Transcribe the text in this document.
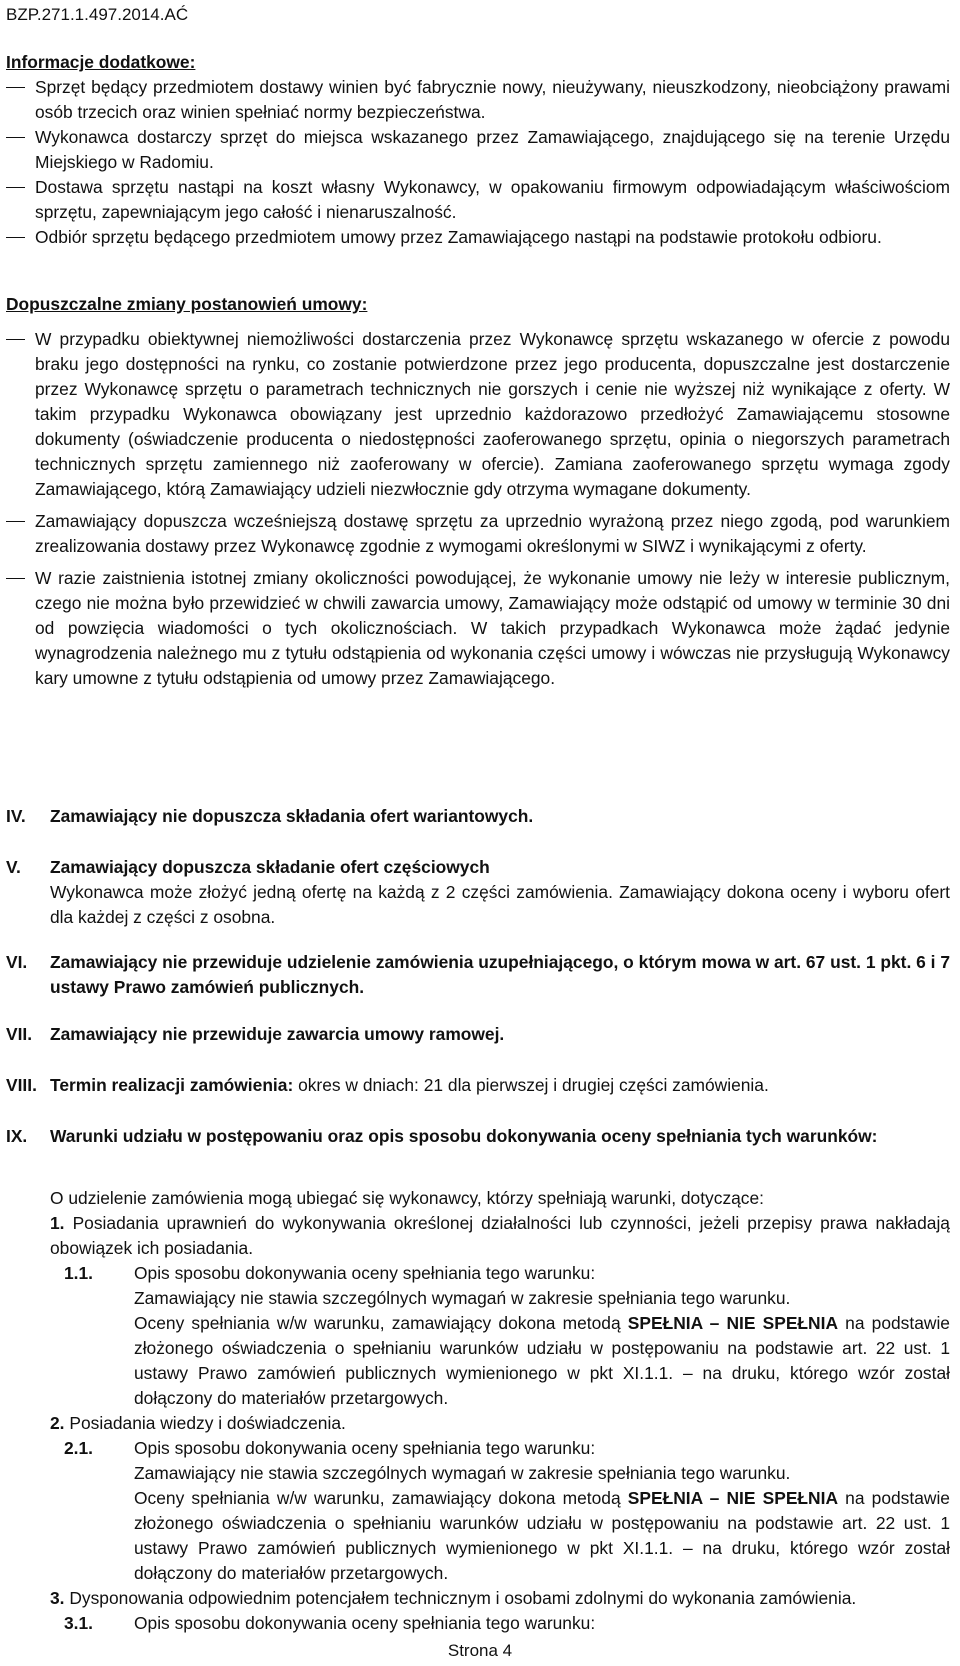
BZP.271.1.497.2014.AĆ
Informacje dodatkowe:
Sprzęt będący przedmiotem dostawy winien być fabrycznie nowy, nieużywany, nieuszkodzony, nieobciążony prawami osób trzecich oraz winien spełniać normy bezpieczeństwa.
Wykonawca dostarczy sprzęt do miejsca wskazanego przez Zamawiającego, znajdującego się na terenie Urzędu Miejskiego w Radomiu.
Dostawa sprzętu nastąpi na koszt własny Wykonawcy, w opakowaniu firmowym odpowiadającym właściwościom sprzętu, zapewniającym jego całość i nienaruszalność.
Odbiór sprzętu będącego przedmiotem umowy przez Zamawiającego nastąpi na podstawie protokołu odbioru.
Dopuszczalne zmiany postanowień umowy:
W przypadku obiektywnej niemożliwości dostarczenia przez Wykonawcę sprzętu wskazanego w ofercie z powodu braku jego dostępności na rynku, co zostanie potwierdzone przez jego producenta, dopuszczalne jest dostarczenie przez Wykonawcę sprzętu o parametrach technicznych nie gorszych i cenie nie wyższej niż wynikające z oferty. W takim przypadku Wykonawca obowiązany jest uprzednio każdorazowo przedłożyć Zamawiającemu stosowne dokumenty (oświadczenie producenta o niedostępności zaoferowanego sprzętu, opinia o niegorszych parametrach technicznych sprzętu zamiennego niż zaoferowany w ofercie). Zamiana zaoferowanego sprzętu wymaga zgody Zamawiającego, którą Zamawiający udzieli niezwłocznie gdy otrzyma wymagane dokumenty.
Zamawiający dopuszcza wcześniejszą dostawę sprzętu za uprzednio wyrażoną przez niego zgodą, pod warunkiem zrealizowania dostawy przez Wykonawcę zgodnie z wymogami określonymi w SIWZ i wynikającymi z oferty.
W razie zaistnienia istotnej zmiany okoliczności powodującej, że wykonanie umowy nie leży w interesie publicznym, czego nie można było przewidzieć w chwili zawarcia umowy, Zamawiający może odstąpić od umowy w terminie 30 dni od powzięcia wiadomości o tych okolicznościach. W takich przypadkach Wykonawca może żądać jedynie wynagrodzenia należnego mu z tytułu odstąpienia od wykonania części umowy i wówczas nie przysługują Wykonawcy kary umowne z tytułu odstąpienia od umowy przez Zamawiającego.
IV. Zamawiający nie dopuszcza składania ofert wariantowych.
V. Zamawiający dopuszcza składanie ofert częściowych
Wykonawca może złożyć jedną ofertę na każdą z 2 części zamówienia. Zamawiający dokona oceny i wyboru ofert dla każdej z części z osobna.
VI. Zamawiający nie przewiduje udzielenie zamówienia uzupełniającego, o którym mowa w art. 67 ust. 1 pkt. 6 i 7 ustawy Prawo zamówień publicznych.
VII. Zamawiający nie przewiduje zawarcia umowy ramowej.
VIII. Termin realizacji zamówienia: okres w dniach: 21 dla pierwszej i drugiej części zamówienia.
IX. Warunki udziału w postępowaniu oraz opis sposobu dokonywania oceny spełniania tych warunków:
O udzielenie zamówienia mogą ubiegać się wykonawcy, którzy spełniają warunki, dotyczące:
1. Posiadania uprawnień do wykonywania określonej działalności lub czynności, jeżeli przepisy prawa nakładają obowiązek ich posiadania.
1.1. Opis sposobu dokonywania oceny spełniania tego warunku:
Zamawiający nie stawia szczególnych wymagań w zakresie spełniania tego warunku.
Oceny spełniania w/w warunku, zamawiający dokona metodą SPEŁNIA – NIE SPEŁNIA na podstawie złożonego oświadczenia o spełnianiu warunków udziału w postępowaniu na podstawie art. 22 ust. 1 ustawy Prawo zamówień publicznych wymienionego w pkt XI.1.1. – na druku, którego wzór został dołączony do materiałów przetargowych.
2. Posiadania wiedzy i doświadczenia.
2.1. Opis sposobu dokonywania oceny spełniania tego warunku:
Zamawiający nie stawia szczególnych wymagań w zakresie spełniania tego warunku.
Oceny spełniania w/w warunku, zamawiający dokona metodą SPEŁNIA – NIE SPEŁNIA na podstawie złożonego oświadczenia o spełnianiu warunków udziału w postępowaniu na podstawie art. 22 ust. 1 ustawy Prawo zamówień publicznych wymienionego w pkt XI.1.1. – na druku, którego wzór został dołączony do materiałów przetargowych.
3. Dysponowania odpowiednim potencjałem technicznym i osobami zdolnymi do wykonania zamówienia.
3.1. Opis sposobu dokonywania oceny spełniania tego warunku:
Strona 4
